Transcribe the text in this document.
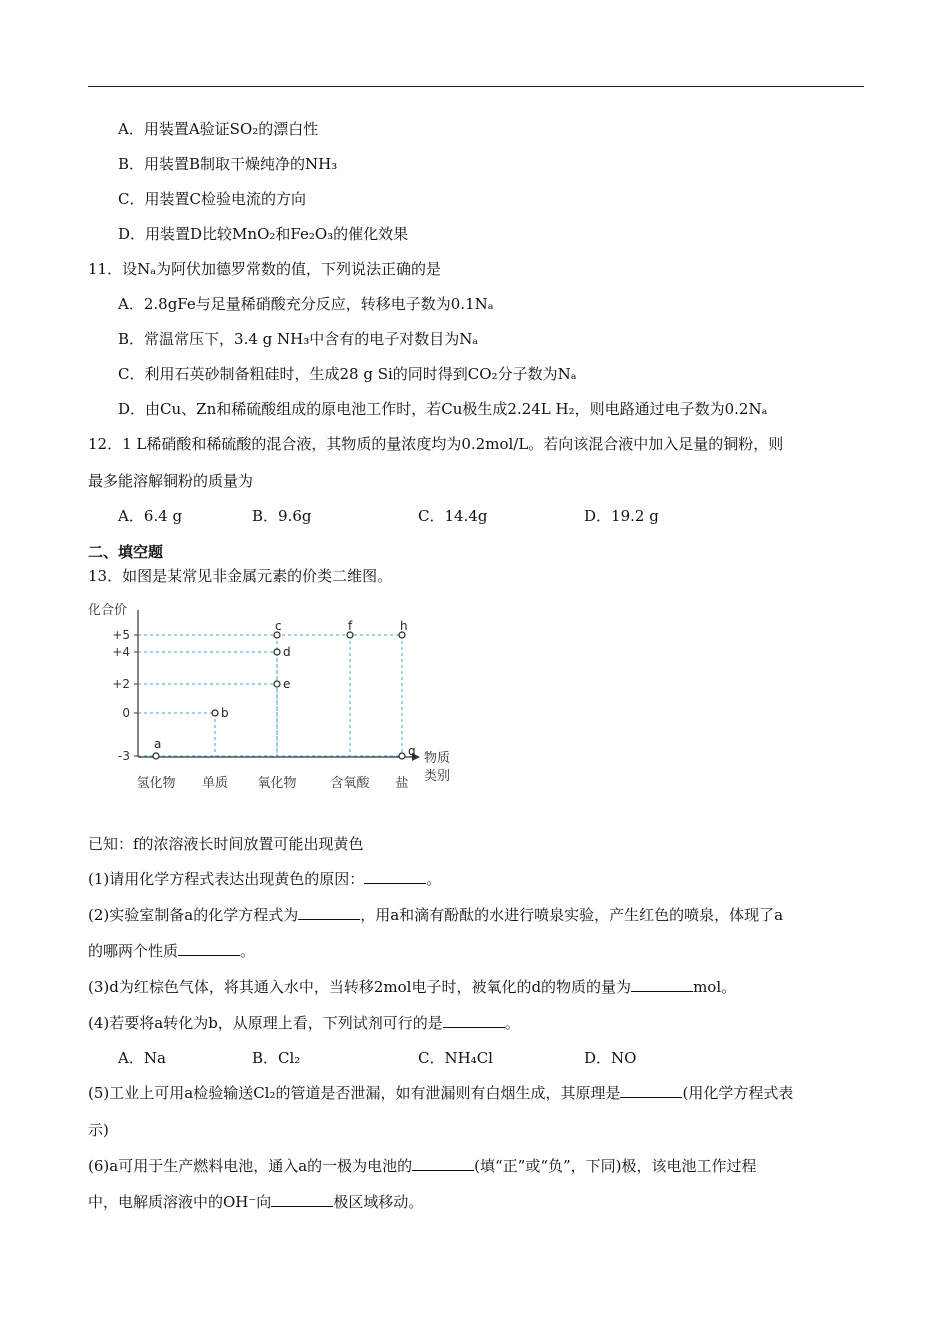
A．用装置A验证SO₂的漂白性
B．用装置B制取干燥纯净的NH₃
C．用装置C检验电流的方向
D．用装置D比较MnO₂和Fe₂O₃的催化效果
11．设Nₐ为阿伏加德罗常数的值，下列说法正确的是
A．2.8gFe与足量稀硝酸充分反应，转移电子数为0.1Nₐ
B．常温常压下，3.4 g NH₃中含有的电子对数目为Nₐ
C．利用石英砂制备粗硅时，生成28 g Si的同时得到CO₂分子数为Nₐ
D．由Cu、Zn和稀硫酸组成的原电池工作时，若Cu极生成2.24L H₂，则电路通过电子数为0.2Nₐ
12．1 L稀硝酸和稀硫酸的混合液，其物质的量浓度均为0.2mol/L。若向该混合液中加入足量的铜粉，则
最多能溶解铜粉的质量为
A．6.4 g	B．9.6g	C．14.4g	D．19.2 g
二、填空题
13．如图是某常见非金属元素的价类二维图。
化合价
物质
类别
+5
+4
+2
0
-3
氢化物 单质 氧化物	含氧酸 盐
a
b
c
d
e
f	h
g
已知：f的浓溶液长时间放置可能出现黄色
(1)请用化学方程式表达出现黄色的原因：	。
(2)实验室制备a的化学方程式为	，用a和滴有酚酞的水进行喷泉实验，产生红色的喷泉，体现了a
的哪两个性质	。
(3)d为红棕色气体，将其通入水中，当转移2mol电子时，被氧化的d的物质的量为	mol。
(4)若要将a转化为b，从原理上看，下列试剂可行的是	。
A．Na	B．Cl₂	C．NH₄Cl	D．NO
(5)工业上可用a检验输送Cl₂的管道是否泄漏，如有泄漏则有白烟生成，其原理是	(用化学方程式表
示)
(6)a可用于生产燃料电池，通入a的一极为电池的	(填“正”或“负”，下同)极，该电池工作过程
中，电解质溶液中的OH⁻向	极区域移动。
